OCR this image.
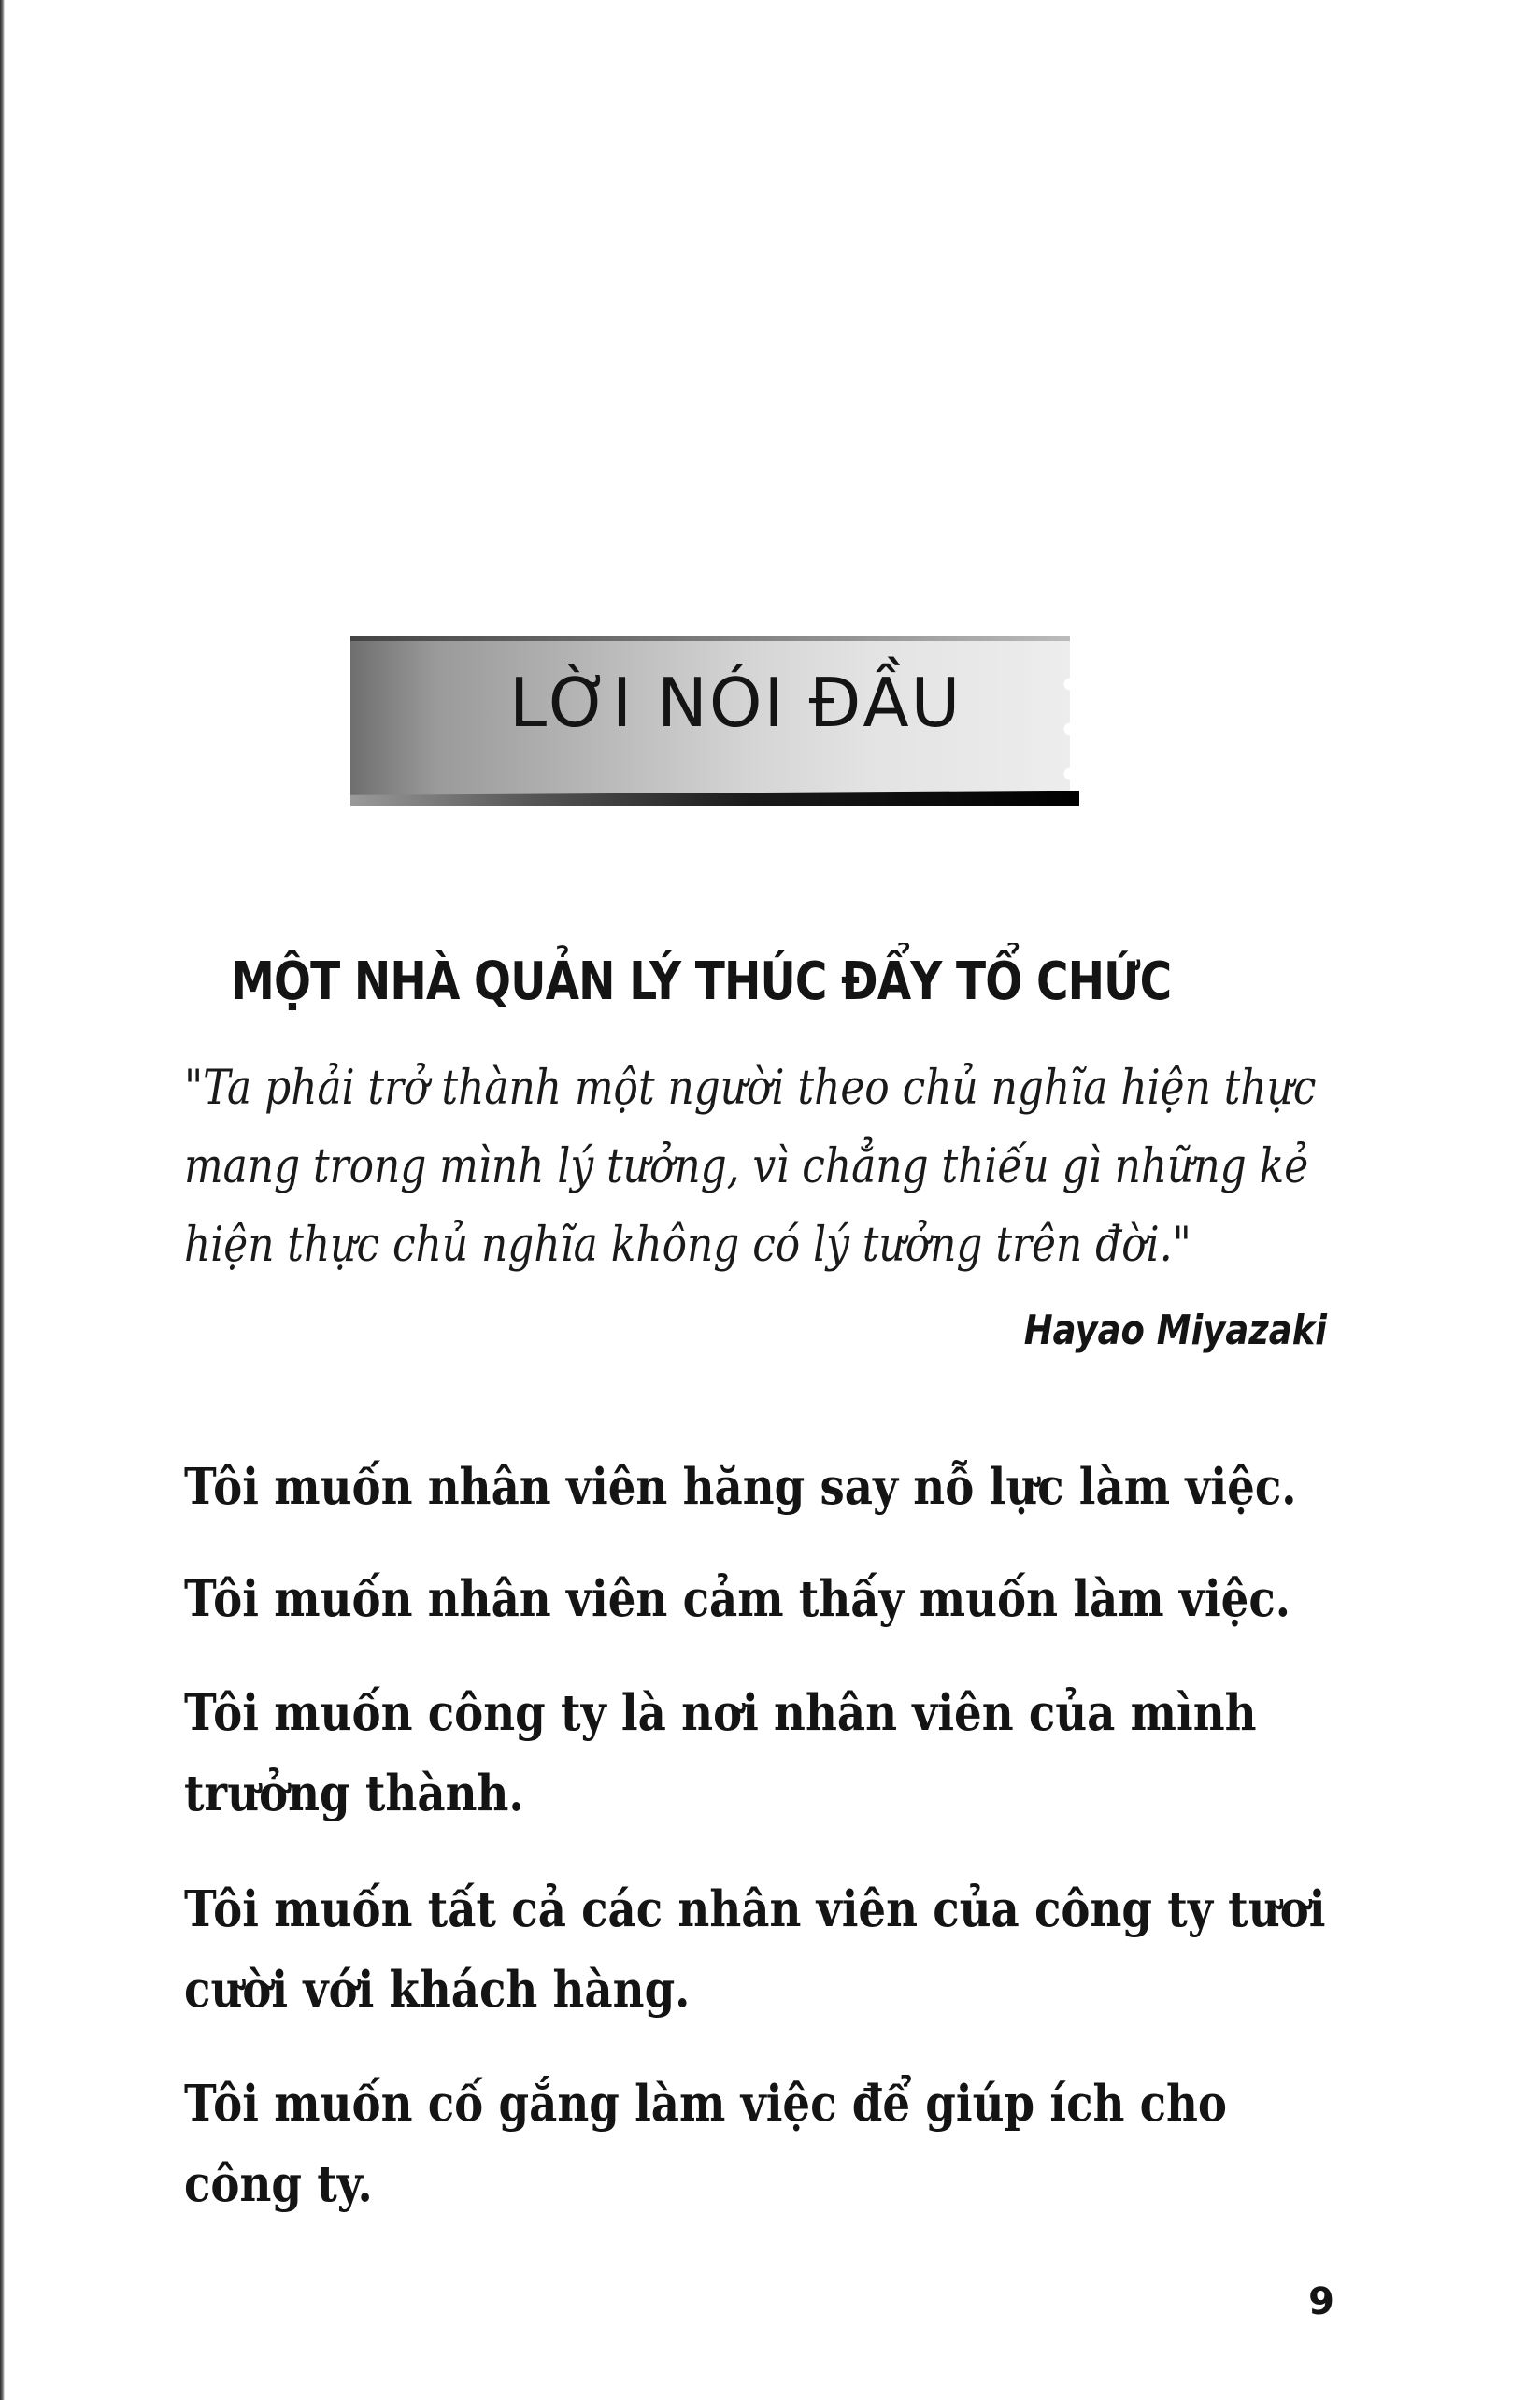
LỜI NÓI ĐẦU
MỘT NHÀ QUẢN LÝ THÚC ĐẨY TỔ CHỨC
"Ta phải trở thành một người theo chủ nghĩa hiện thực
mang trong mình lý tưởng, vì chẳng thiếu gì những kẻ
hiện thực chủ nghĩa không có lý tưởng trên đời."
Hayao Miyazaki
Tôi muốn nhân viên hăng say nỗ lực làm việc.
Tôi muốn nhân viên cảm thấy muốn làm việc.
Tôi muốn công ty là nơi nhân viên của mình
trưởng thành.
Tôi muốn tất cả các nhân viên của công ty tươi
cười với khách hàng.
Tôi muốn cố gắng làm việc để giúp ích cho
công ty.
9
